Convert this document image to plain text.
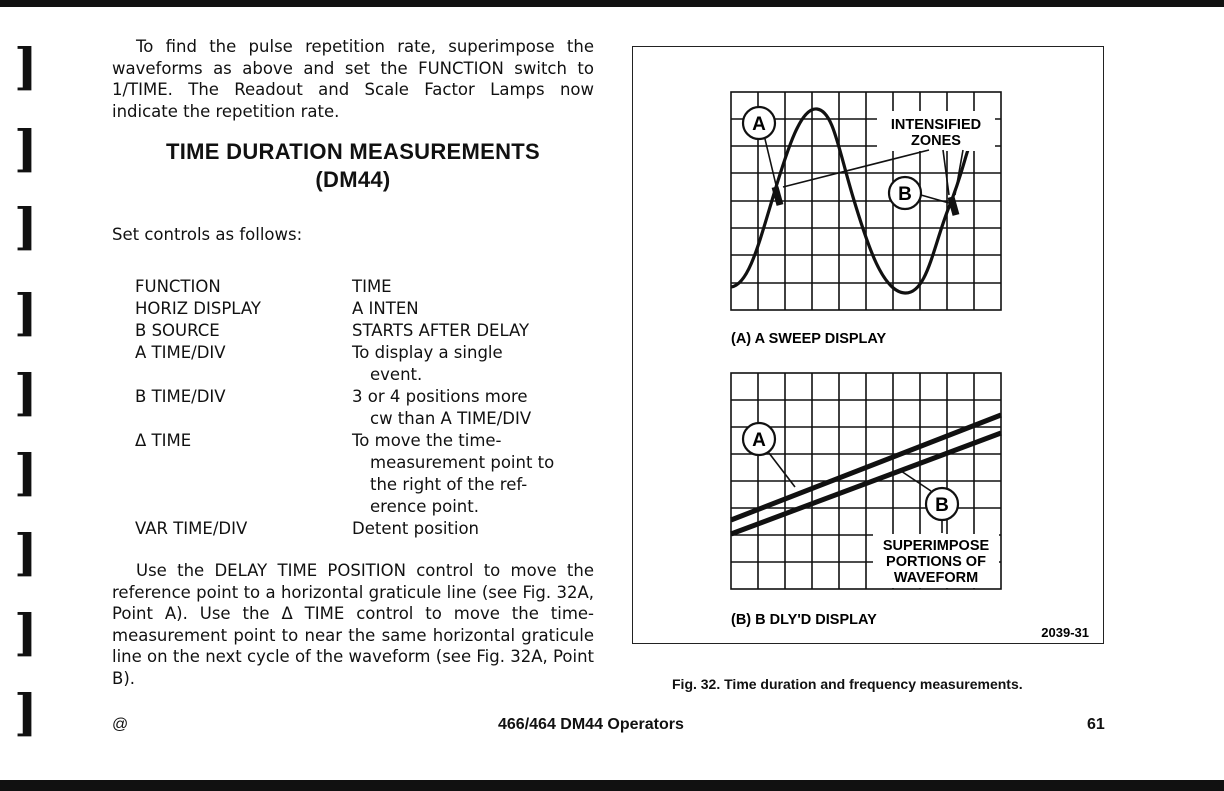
]
]
]
]
]
]
]
]
]

To find the pulse repetition rate, superimpose the waveforms as above and set the FUNCTION switch to 1/TIME. The Readout and Scale Factor Lamps now indicate the repetition rate.

TIME DURATION MEASUREMENTS
(DM44)

Set controls as follows:

FUNCTION	TIME
HORIZ DISPLAY	A INTEN
B SOURCE	STARTS AFTER DELAY
A TIME/DIV	To display a single
event.
B TIME/DIV	3 or 4 positions more
cw than A TIME/DIV
Δ TIME	To move the time-
measurement point to
the right of the ref-
erence point.
VAR TIME/DIV	Detent position

Use the DELAY TIME POSITION control to move the reference point to a horizontal graticule line (see Fig. 32A, Point A). Use the Δ TIME control to move the time-measurement point to near the same horizontal graticule line on the next cycle of the waveform (see Fig. 32A, Point B).

INTENSIFIED
ZONES
A
B
(A) A SWEEP DISPLAY
A
B
SUPERIMPOSE
PORTIONS OF
WAVEFORM
(B) B DLY'D DISPLAY
2039-31
Fig. 32. Time duration and frequency measurements.
@	466/464 DM44 Operators	61
